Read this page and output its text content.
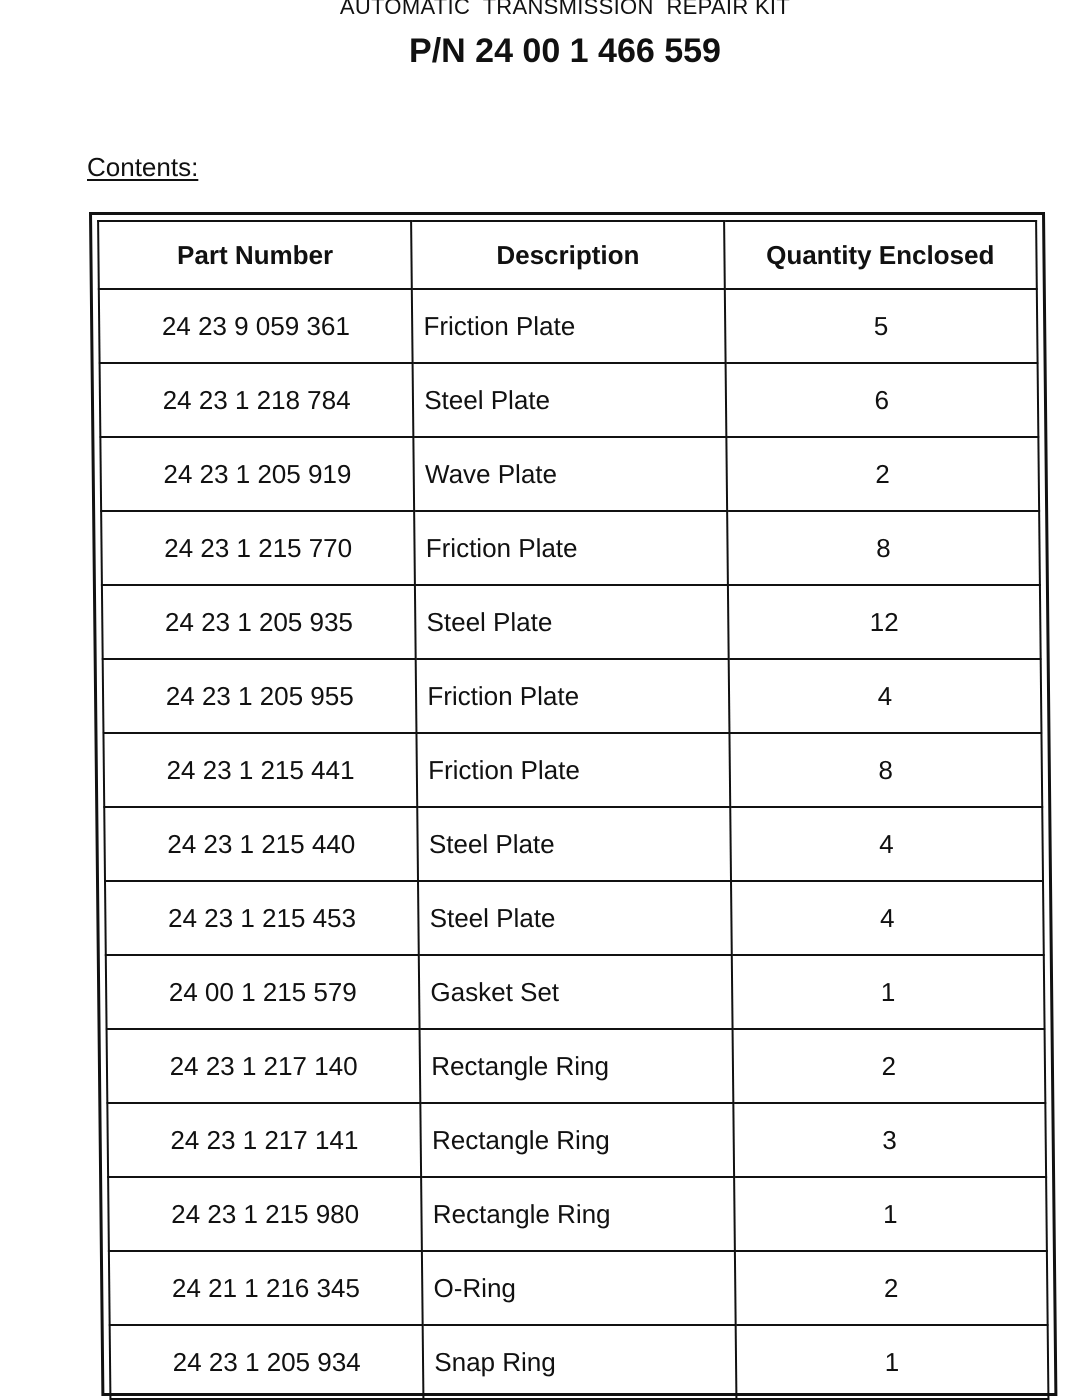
AUTOMATIC  TRANSMISSION  REPAIR KIT
P/N 24 00 1 466 559
Contents:
Part Number	Description	Quantity Enclosed
24 23 9 059 361	Friction Plate	5
24 23 1 218 784	Steel Plate	6
24 23 1 205 919	Wave Plate	2
24 23 1 215 770	Friction Plate	8
24 23 1 205 935	Steel Plate	12
24 23 1 205 955	Friction Plate	4
24 23 1 215 441	Friction Plate	8
24 23 1 215 440	Steel Plate	4
24 23 1 215 453	Steel Plate	4
24 00 1 215 579	Gasket Set	1
24 23 1 217 140	Rectangle Ring	2
24 23 1 217 141	Rectangle Ring	3
24 23 1 215 980	Rectangle Ring	1
24 21 1 216 345	O-Ring	2
24 23 1 205 934	Snap Ring	1
